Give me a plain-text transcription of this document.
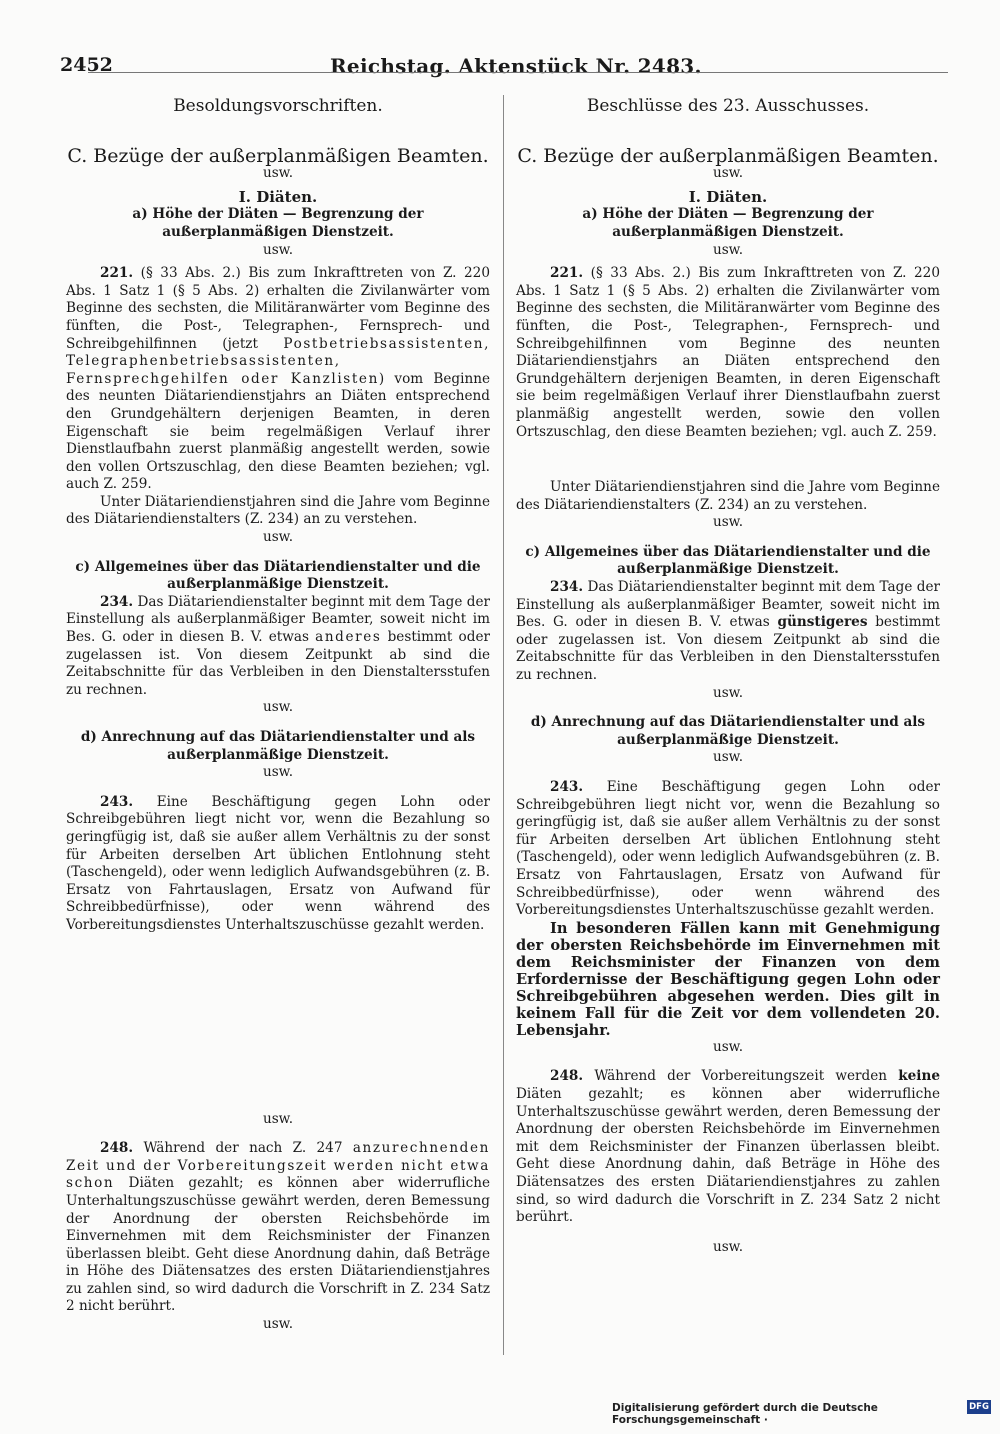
2452	Reichstag. Aktenstück Nr. 2483.

Besoldungsvorschriften.

C. Bezüge der außerplanmäßigen Beamten.

usw.

I. Diäten.

a) Höhe der Diäten — Begrenzung der außerplanmäßigen Dienstzeit.

usw.

221. (§ 33 Abs. 2.) Bis zum Inkrafttreten von Z. 220 Abs. 1 Satz 1 (§ 5 Abs. 2) erhalten die Zivilanwärter vom Beginne des sechsten, die Militäranwärter vom Beginne des fünften, die Post-, Telegraphen-, Fernsprech- und Schreibgehilfinnen (jetzt Postbetriebsassistenten, Telegraphenbetriebsassistenten, Fernsprechgehilfen oder Kanzlisten) vom Beginne des neunten Diätariendienstjahrs an Diäten entsprechend den Grundgehältern derjenigen Beamten, in deren Eigenschaft sie beim regelmäßigen Verlauf ihrer Dienstlaufbahn zuerst planmäßig angestellt werden, sowie den vollen Ortszuschlag, den diese Beamten beziehen; vgl. auch Z. 259.

Unter Diätariendienstjahren sind die Jahre vom Beginne des Diätariendienstalters (Z. 234) an zu verstehen.

usw.

c) Allgemeines über das Diätariendienstalter und die außerplanmäßige Dienstzeit.

234. Das Diätariendienstalter beginnt mit dem Tage der Einstellung als außerplanmäßiger Beamter, soweit nicht im Bes. G. oder in diesen B. V. etwas anderes bestimmt oder zugelassen ist. Von diesem Zeitpunkt ab sind die Zeitabschnitte für das Verbleiben in den Dienstaltersstufen zu rechnen.

usw.

d) Anrechnung auf das Diätariendienstalter und als außerplanmäßige Dienstzeit.

usw.

243. Eine Beschäftigung gegen Lohn oder Schreibgebühren liegt nicht vor, wenn die Bezahlung so geringfügig ist, daß sie außer allem Verhältnis zu der sonst für Arbeiten derselben Art üblichen Entlohnung steht (Taschengeld), oder wenn lediglich Aufwandsgebühren (z. B. Ersatz von Fahrtauslagen, Ersatz von Aufwand für Schreibbedürfnisse), oder wenn während des Vorbereitungsdienstes Unterhaltszuschüsse gezahlt werden.

usw.

248. Während der nach Z. 247 anzurechnenden Zeit und der Vorbereitungszeit werden nicht etwa schon Diäten gezahlt; es können aber widerrufliche Unterhaltungszuschüsse gewährt werden, deren Bemessung der Anordnung der obersten Reichsbehörde im Einvernehmen mit dem Reichsminister der Finanzen überlassen bleibt. Geht diese Anordnung dahin, daß Beträge in Höhe des Diätensatzes des ersten Diätariendienstjahres zu zahlen sind, so wird dadurch die Vorschrift in Z. 234 Satz 2 nicht berührt.

usw.

Beschlüsse des 23. Ausschusses.

C. Bezüge der außerplanmäßigen Beamten.

usw.

I. Diäten.

a) Höhe der Diäten — Begrenzung der außerplanmäßigen Dienstzeit.

usw.

221. (§ 33 Abs. 2.) Bis zum Inkrafttreten von Z. 220 Abs. 1 Satz 1 (§ 5 Abs. 2) erhalten die Zivilanwärter vom Beginne des sechsten, die Militäranwärter vom Beginne des fünften, die Post-, Telegraphen-, Fernsprech- und Schreibgehilfinnen vom Beginne des neunten Diätariendienstjahrs an Diäten entsprechend den Grundgehältern derjenigen Beamten, in deren Eigenschaft sie beim regelmäßigen Verlauf ihrer Dienstlaufbahn zuerst planmäßig angestellt werden, sowie den vollen Ortszuschlag, den diese Beamten beziehen; vgl. auch Z. 259.

Unter Diätariendienstjahren sind die Jahre vom Beginne des Diätariendienstalters (Z. 234) an zu verstehen.

usw.

c) Allgemeines über das Diätariendienstalter und die außerplanmäßige Dienstzeit.

234. Das Diätariendienstalter beginnt mit dem Tage der Einstellung als außerplanmäßiger Beamter, soweit nicht im Bes. G. oder in diesen B. V. etwas günstigeres bestimmt oder zugelassen ist. Von diesem Zeitpunkt ab sind die Zeitabschnitte für das Verbleiben in den Dienstaltersstufen zu rechnen.

usw.

d) Anrechnung auf das Diätariendienstalter und als außerplanmäßige Dienstzeit.

usw.

243. Eine Beschäftigung gegen Lohn oder Schreibgebühren liegt nicht vor, wenn die Bezahlung so geringfügig ist, daß sie außer allem Verhältnis zu der sonst für Arbeiten derselben Art üblichen Entlohnung steht (Taschengeld), oder wenn lediglich Aufwandsgebühren (z. B. Ersatz von Fahrtauslagen, Ersatz von Aufwand für Schreibbedürfnisse), oder wenn während des Vorbereitungsdienstes Unterhaltszuschüsse gezahlt werden.

In besonderen Fällen kann mit Genehmigung der obersten Reichsbehörde im Einvernehmen mit dem Reichsminister der Finanzen von dem Erfordernisse der Beschäftigung gegen Lohn oder Schreibgebühren abgesehen werden. Dies gilt in keinem Fall für die Zeit vor dem vollendeten 20. Lebensjahr.

usw.

248. Während der Vorbereitungszeit werden keine Diäten gezahlt; es können aber widerrufliche Unterhaltszuschüsse gewährt werden, deren Bemessung der Anordnung der obersten Reichsbehörde im Einvernehmen mit dem Reichsminister der Finanzen überlassen bleibt. Geht diese Anordnung dahin, daß Beträge in Höhe des Diätensatzes des ersten Diätariendienstjahres zu zahlen sind, so wird dadurch die Vorschrift in Z. 234 Satz 2 nicht berührt.

usw.

Digitalisierung gefördert durch die Deutsche Forschungsgemeinschaft ·
DFG
